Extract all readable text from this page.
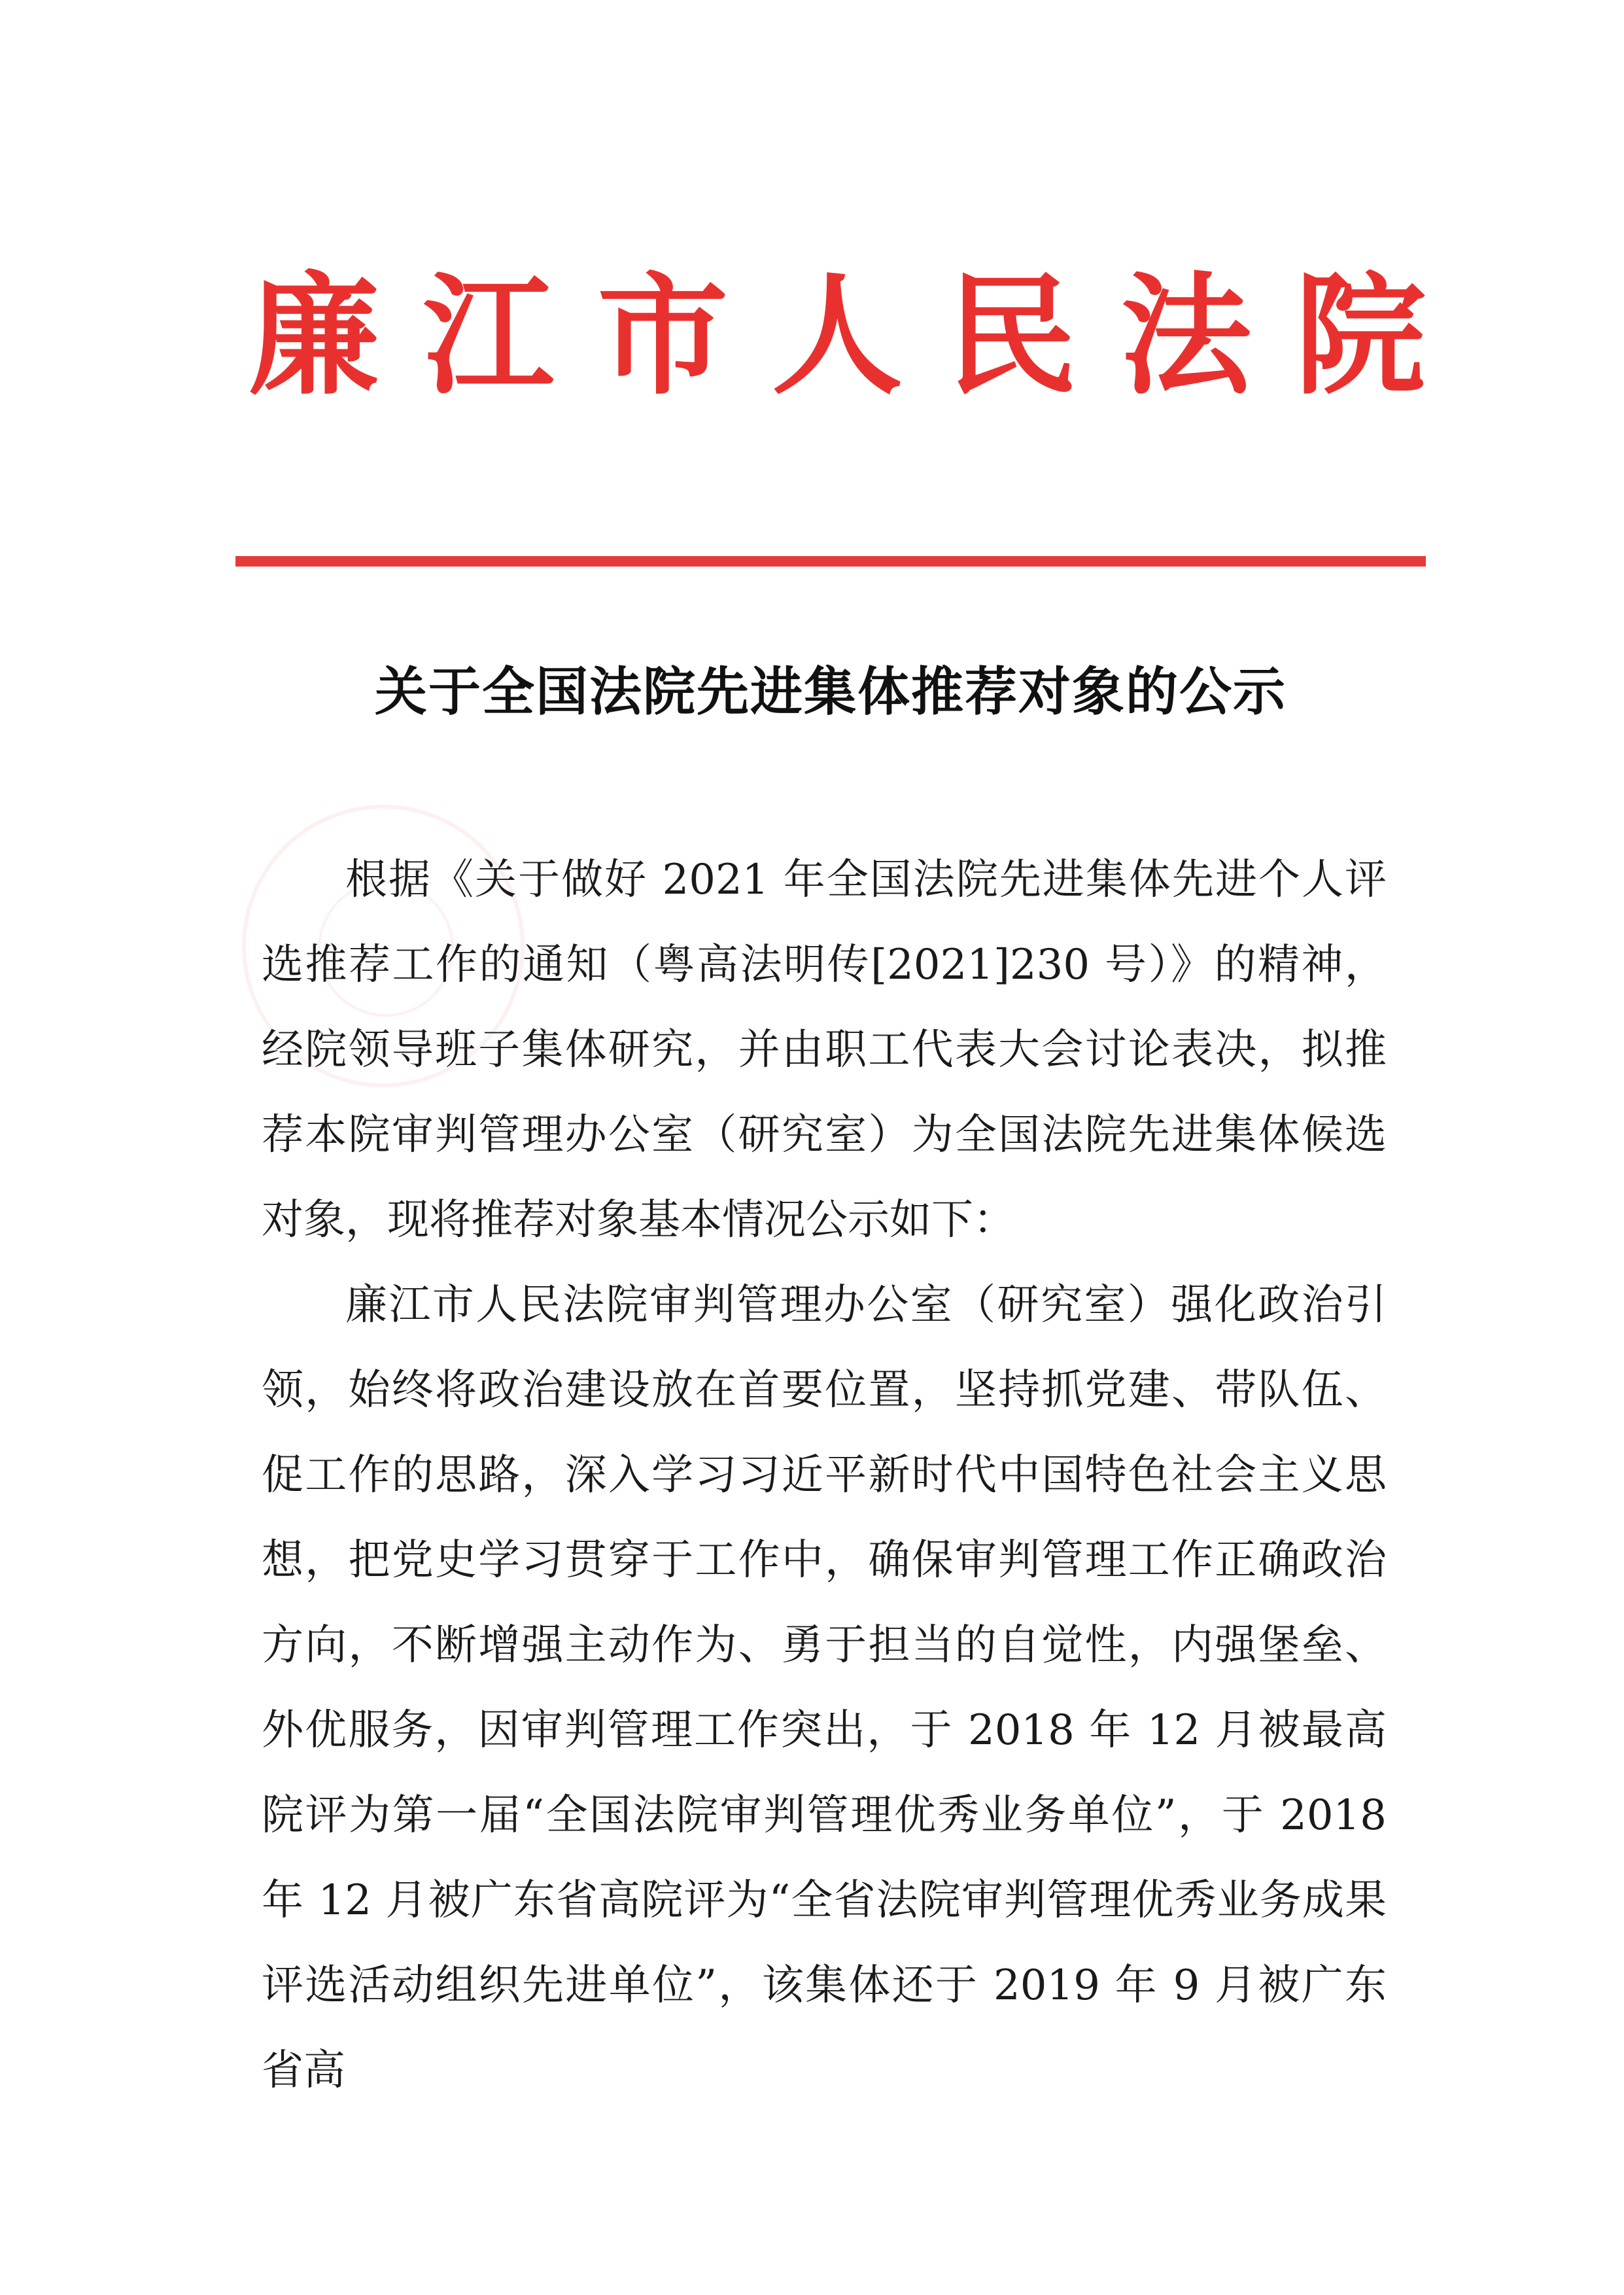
廉 江 市 人 民 法 院
关于全国法院先进集体推荐对象的公示

根据《关于做好 2021 年全国法院先进集体先进个人评选推荐工作的通知（粤高法明传[2021]230 号）》的精神，经院领导班子集体研究，并由职工代表大会讨论表决，拟推荐本院审判管理办公室（研究室）为全国法院先进集体候选对象，现将推荐对象基本情况公示如下：

廉江市人民法院审判管理办公室（研究室）强化政治引领，始终将政治建设放在首要位置，坚持抓党建、带队伍、促工作的思路，深入学习习近平新时代中国特色社会主义思想，把党史学习贯穿于工作中，确保审判管理工作正确政治方向，不断增强主动作为、勇于担当的自觉性，内强堡垒、外优服务，因审判管理工作突出，于 2018 年 12 月被最高院评为第一届“全国法院审判管理优秀业务单位”，于 2018 年 12 月被广东省高院评为“全省法院审判管理优秀业务成果评选活动组织先进单位”，该集体还于 2019 年 9 月被广东省高
